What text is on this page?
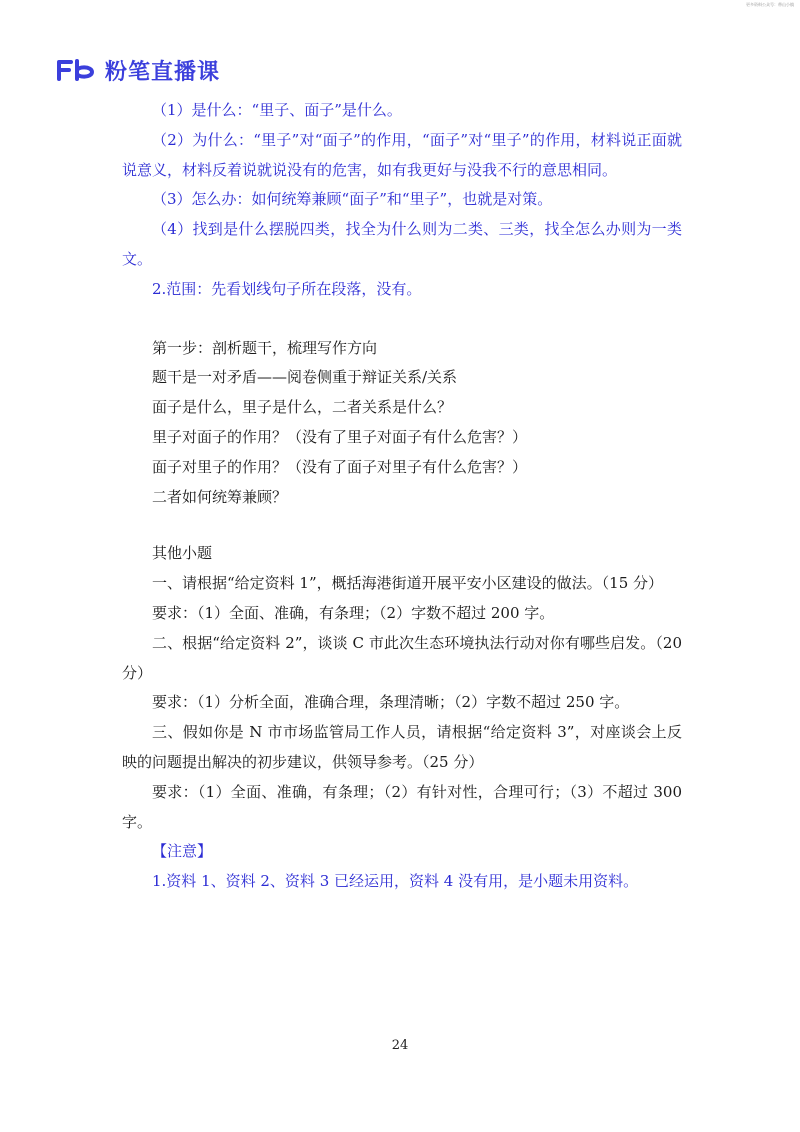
更多资料公众号：带山小镇
粉笔直播课

（1）是什么：“里子、面子”是什么。

（2）为什么：“里子”对“面子”的作用，“面子”对“里子”的作用，材料说正面就说意义，材料反着说就说没有的危害，如有我更好与没我不行的意思相同。

（3）怎么办：如何统筹兼顾“面子”和“里子”，也就是对策。

（4）找到是什么摆脱四类，找全为什么则为二类、三类，找全怎么办则为一类文。

2.范围：先看划线句子所在段落，没有。

第一步：剖析题干，梳理写作方向

题干是一对矛盾——阅卷侧重于辩证关系/关系

面子是什么，里子是什么，二者关系是什么？

里子对面子的作用？（没有了里子对面子有什么危害？）

面子对里子的作用？（没有了面子对里子有什么危害？）

二者如何统筹兼顾？

其他小题

一、请根据“给定资料 1”，概括海港街道开展平安小区建设的做法。（15 分）

要求：（1）全面、准确，有条理；（2）字数不超过 200 字。

二、根据“给定资料 2”，谈谈 C 市此次生态环境执法行动对你有哪些启发。（20 分）

要求：（1）分析全面，准确合理，条理清晰；（2）字数不超过 250 字。

三、假如你是 N 市市场监管局工作人员，请根据“给定资料 3”，对座谈会上反映的问题提出解决的初步建议，供领导参考。（25 分）

要求：（1）全面、准确，有条理；（2）有针对性，合理可行；（3）不超过 300 字。

【注意】

1.资料 1、资料 2、资料 3 已经运用，资料 4 没有用，是小题未用资料。

24
